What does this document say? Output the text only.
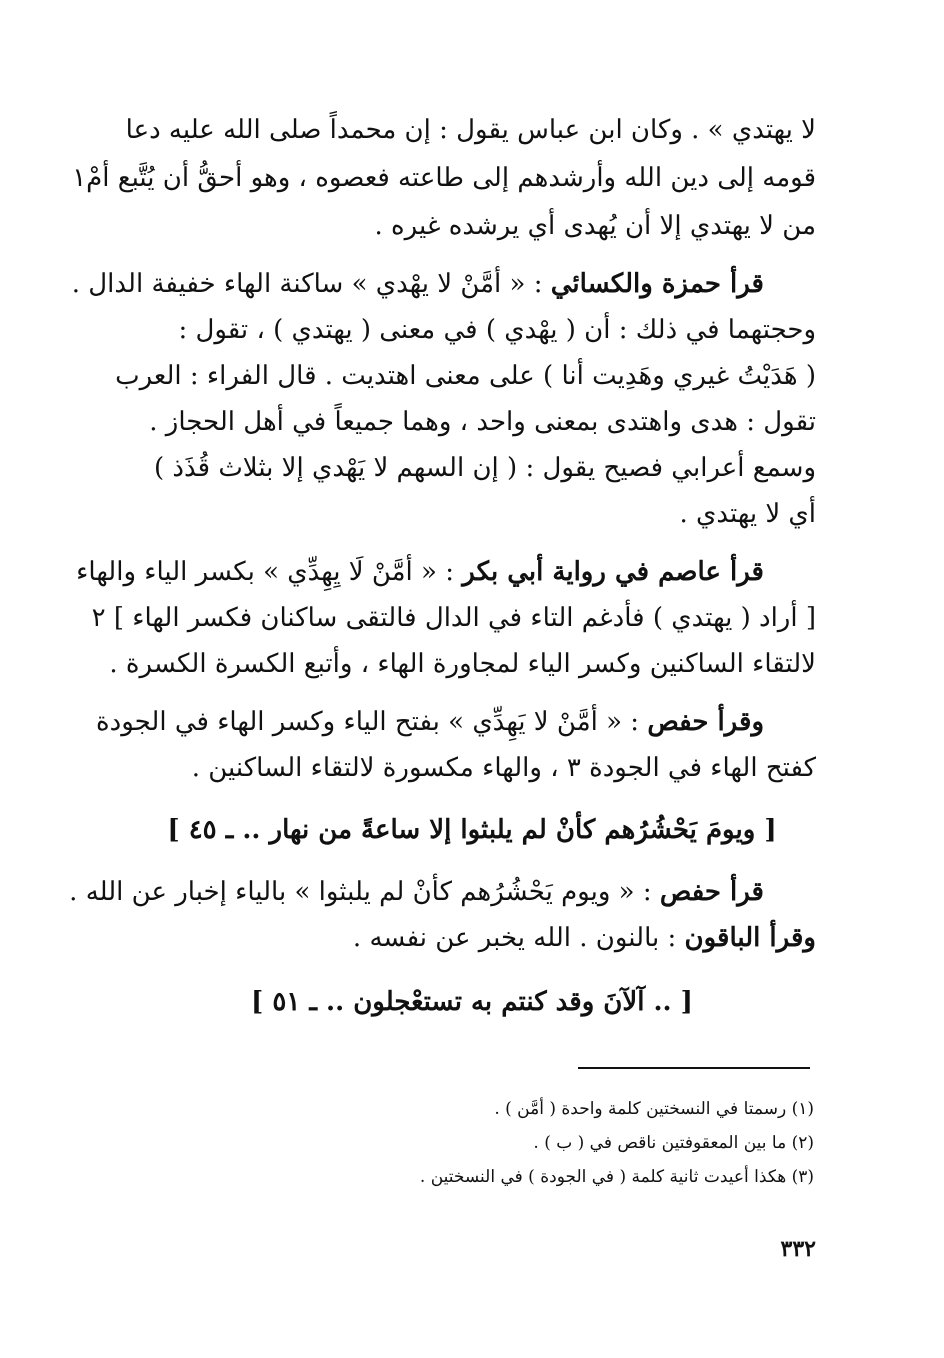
لا يهتدي » . وكان ابن عباس يقول : إن محمداً صلى الله عليه دعا
قومه إلى دين الله وأرشدهم إلى طاعته فعصوه ، وهو أحقُّ أن يُتَّبع أمْ١
من لا يهتدي إلا أن يُهدى أي يرشده غيره .
قرأ حمزة والكسائي : « أمَّنْ لا يهْدي » ساكنة الهاء خفيفة الدال .
وحجتهما في ذلك : أن ( يهْدي ) في معنى ( يهتدي ) ، تقول :
( هَدَيْتُ غيري وهَدِيت أنا ) على معنى اهتديت . قال الفراء : العرب
تقول : هدى واهتدى بمعنى واحد ، وهما جميعاً في أهل الحجاز .
وسمع أعرابي فصيح يقول : ( إن السهم لا يَهْدي إلا بثلاث قُذَذ )
أي لا يهتدي .
قرأ عاصم في رواية أبي بكر : « أمَّنْ لَا يِهِدِّي » بكسر الياء والهاء
[ أراد ( يهتدي ) فأدغم التاء في الدال فالتقى ساكنان فكسر الهاء ] ٢
لالتقاء الساكنين وكسر الياء لمجاورة الهاء ، وأتبع الكسرة الكسرة .
وقرأ حفص : « أمَّنْ لا يَهِدِّي » بفتح الياء وكسر الهاء في الجودة
كفتح الهاء في الجودة ٣ ، والهاء مكسورة لالتقاء الساكنين .
[ ويومَ يَحْشُرُهم كأنْ لم يلبثوا إلا ساعةً من نهار .. ـ ٤٥ ]
قرأ حفص : « ويوم يَحْشُرُهم كأنْ لم يلبثوا » بالياء إخبار عن الله .
وقرأ الباقون : بالنون . الله يخبر عن نفسه .
[ .. آلآنَ وقد كنتم به تستعْجلون .. ـ ٥١ ]
(١) رسمتا في النسختين كلمة واحدة ( أمَّن ) .
(٢) ما بين المعقوفتين ناقص في ( ب ) .
(٣) هكذا أعيدت ثانية كلمة ( في الجودة ) في النسختين .
٣٣٢
